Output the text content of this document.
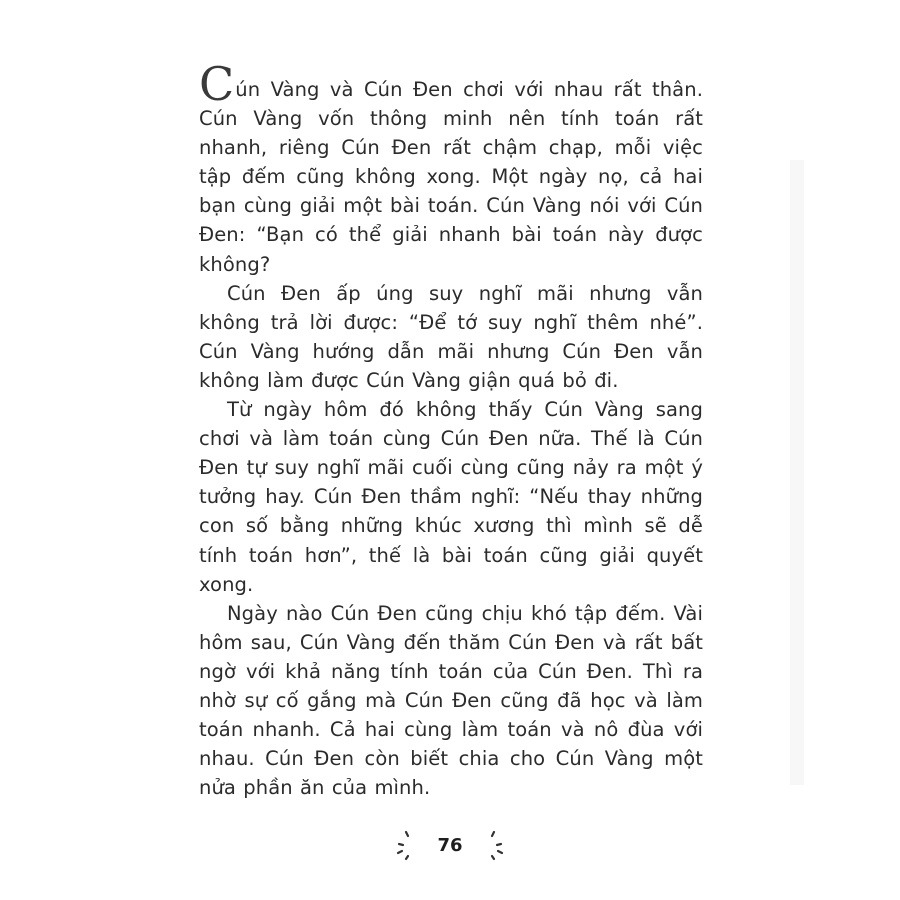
Cún Vàng và Cún Đen chơi với nhau rất thân. Cún Vàng vốn thông minh nên tính toán rất nhanh, riêng Cún Đen rất chậm chạp, mỗi việc tập đếm cũng không xong. Một ngày nọ, cả hai bạn cùng giải một bài toán. Cún Vàng nói với Cún Đen: “Bạn có thể giải nhanh bài toán này được không?

Cún Đen ấp úng suy nghĩ mãi nhưng vẫn không trả lời được: “Để tớ suy nghĩ thêm nhé”. Cún Vàng hướng dẫn mãi nhưng Cún Đen vẫn không làm được Cún Vàng giận quá bỏ đi.

Từ ngày hôm đó không thấy Cún Vàng sang chơi và làm toán cùng Cún Đen nữa. Thế là Cún Đen tự suy nghĩ mãi cuối cùng cũng nảy ra một ý tưởng hay. Cún Đen thầm nghĩ: “Nếu thay những con số bằng những khúc xương thì mình sẽ dễ tính toán hơn”, thế là bài toán cũng giải quyết xong.

Ngày nào Cún Đen cũng chịu khó tập đếm. Vài hôm sau, Cún Vàng đến thăm Cún Đen và rất bất ngờ với khả năng tính toán của Cún Đen. Thì ra nhờ sự cố gắng mà Cún Đen cũng đã học và làm toán nhanh. Cả hai cùng làm toán và nô đùa với nhau. Cún Đen còn biết chia cho Cún Vàng một nửa phần ăn của mình.

76
